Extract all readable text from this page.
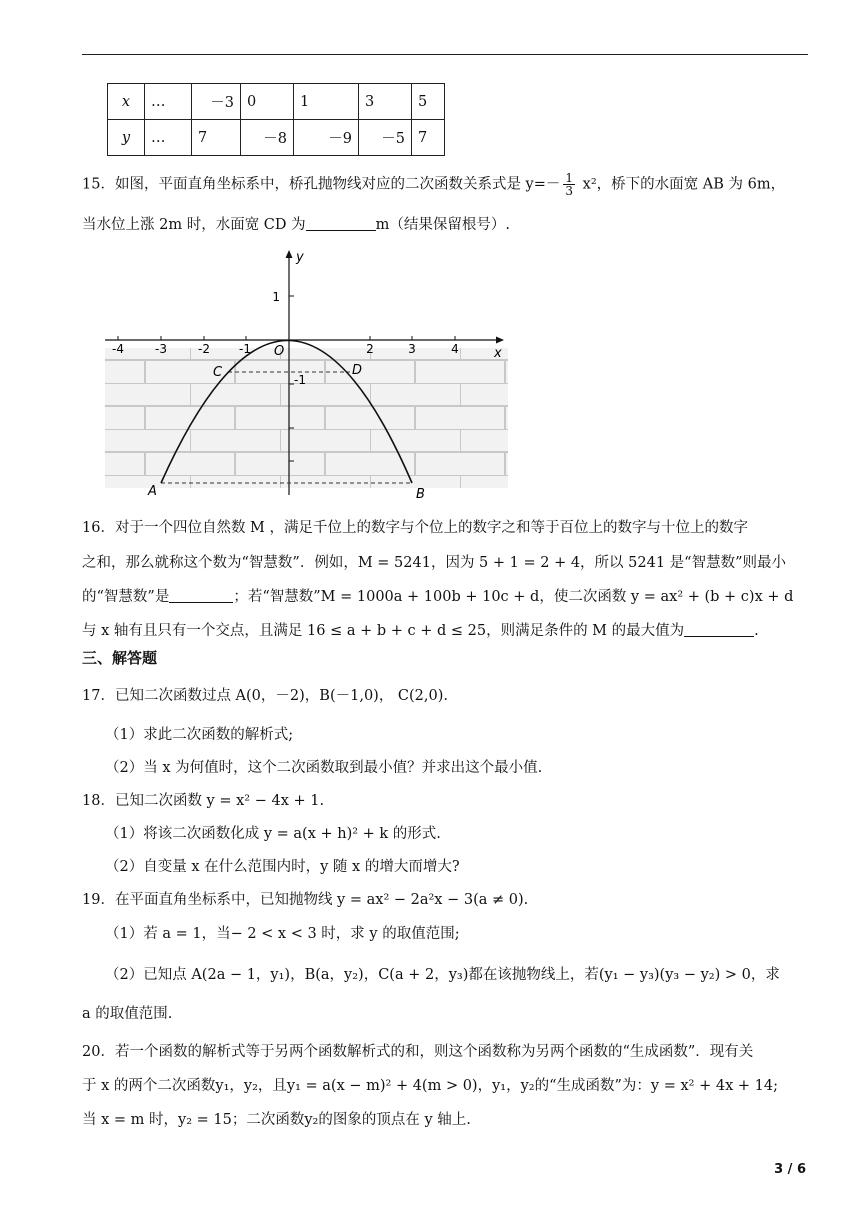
x	…	－3	0	1	3	5
y	…	7	－8	－9	－5	7
15．如图，平面直角坐标系中，桥孔抛物线对应的二次函数关系式是 $y=- \frac{1}{3} x^2$，桥下的水面宽 AB 为 6m，
当水位上涨 2m 时，水面宽 CD 为	m（结果保留根号）.
-4	-3	-2 -1	2	3	4
1
-1
O	x
y
A	B
C	D
16．对于一个四位自然数 M ，满足千位上的数字与个位上的数字之和等于百位上的数字与十位上的数字
之和，那么就称这个数为“智慧数”．例如，M = 5241，因为 5 + 1 = 2 + 4，所以 5241 是“智慧数”则最小
的“智慧数”是	；若“智慧数”M = 1000a + 100b + 10c + d，使二次函数 y = ax² + (b + c)x + d
与 x 轴有且只有一个交点，且满足 16 ≤ a + b + c + d ≤ 25，则满足条件的 M 的最大值为	.
三、解答题
17．已知二次函数过点 A(0，－2)，B(－1,0)， C(2,0).
（1）求此二次函数的解析式;
（2）当 x 为何值时，这个二次函数取到最小值？并求出这个最小值.
18．已知二次函数 y = x² − 4x + 1.
（1）将该二次函数化成 y = a(x + h)² + k 的形式.
（2）自变量 x 在什么范围内时，y 随 x 的增大而增大?
19．在平面直角坐标系中，已知抛物线 y = ax² − 2a²x − 3(a ≠ 0).
（1）若 a = 1，当− 2 < x < 3 时，求 y 的取值范围;
（2）已知点 A(2a − 1，y₁)，B(a，y₂)，C(a + 2，y₃)都在该抛物线上，若(y₁ − y₃)(y₃ − y₂) > 0，求
a 的取值范围.
20．若一个函数的解析式等于另两个函数解析式的和，则这个函数称为另两个函数的“生成函数”．现有关
于 x 的两个二次函数y₁，y₂，且y₁ = a(x − m)² + 4(m > 0)，y₁，y₂的“生成函数”为：y = x² + 4x + 14;
当 x = m 时，y₂ = 15；二次函数y₂的图象的顶点在 y 轴上.
3 / 6
